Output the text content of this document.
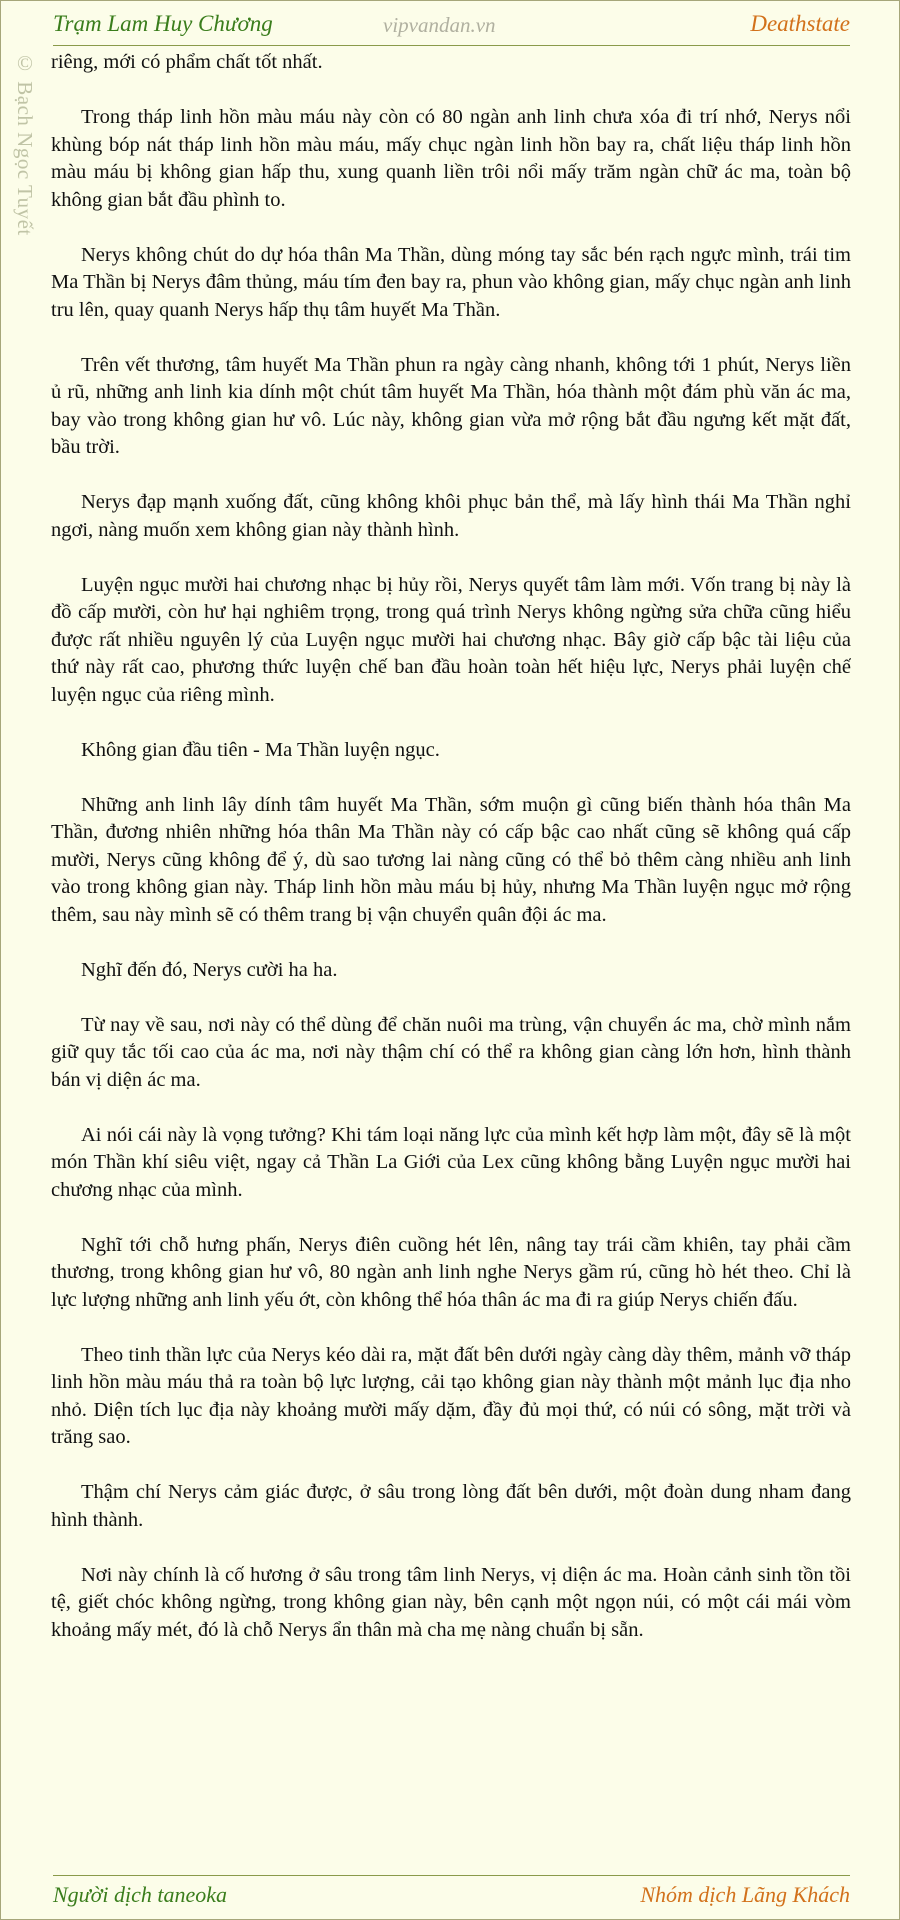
Trạm Lam Huy Chương	vipvandan.vn	Deathstate
© Bạch Ngọc Tuyết riêng, mới có phẩm chất tốt nhất.

Trong tháp linh hồn màu máu này còn có 80 ngàn anh linh chưa xóa đi trí nhớ, Nerys nổi khùng bóp nát tháp linh hồn màu máu, mấy chục ngàn linh hồn bay ra, chất liệu tháp linh hồn màu máu bị không gian hấp thu, xung quanh liền trôi nổi mấy trăm ngàn chữ ác ma, toàn bộ không gian bắt đầu phình to.

Nerys không chút do dự hóa thân Ma Thần, dùng móng tay sắc bén rạch ngực mình, trái tim Ma Thần bị Nerys đâm thủng, máu tím đen bay ra, phun vào không gian, mấy chục ngàn anh linh tru lên, quay quanh Nerys hấp thụ tâm huyết Ma Thần.

Trên vết thương, tâm huyết Ma Thần phun ra ngày càng nhanh, không tới 1 phút, Nerys liền ủ rũ, những anh linh kia dính một chút tâm huyết Ma Thần, hóa thành một đám phù văn ác ma, bay vào trong không gian hư vô. Lúc này, không gian vừa mở rộng bắt đầu ngưng kết mặt đất, bầu trời.

Nerys đạp mạnh xuống đất, cũng không khôi phục bản thể, mà lấy hình thái Ma Thần nghỉ ngơi, nàng muốn xem không gian này thành hình.

Luyện ngục mười hai chương nhạc bị hủy rồi, Nerys quyết tâm làm mới. Vốn trang bị này là đồ cấp mười, còn hư hại nghiêm trọng, trong quá trình Nerys không ngừng sửa chữa cũng hiểu được rất nhiều nguyên lý của Luyện ngục mười hai chương nhạc. Bây giờ cấp bậc tài liệu của thứ này rất cao, phương thức luyện chế ban đầu hoàn toàn hết hiệu lực, Nerys phải luyện chế luyện ngục của riêng mình.

Không gian đầu tiên - Ma Thần luyện ngục.

Những anh linh lây dính tâm huyết Ma Thần, sớm muộn gì cũng biến thành hóa thân Ma Thần, đương nhiên những hóa thân Ma Thần này có cấp bậc cao nhất cũng sẽ không quá cấp mười, Nerys cũng không để ý, dù sao tương lai nàng cũng có thể bỏ thêm càng nhiều anh linh vào trong không gian này. Tháp linh hồn màu máu bị hủy, nhưng Ma Thần luyện ngục mở rộng thêm, sau này mình sẽ có thêm trang bị vận chuyển quân đội ác ma.

Nghĩ đến đó, Nerys cười ha ha.

Từ nay về sau, nơi này có thể dùng để chăn nuôi ma trùng, vận chuyển ác ma, chờ mình nắm giữ quy tắc tối cao của ác ma, nơi này thậm chí có thể ra không gian càng lớn hơn, hình thành bán vị diện ác ma.

Ai nói cái này là vọng tưởng? Khi tám loại năng lực của mình kết hợp làm một, đây sẽ là một món Thần khí siêu việt, ngay cả Thần La Giới của Lex cũng không bằng Luyện ngục mười hai chương nhạc của mình.

Nghĩ tới chỗ hưng phấn, Nerys điên cuồng hét lên, nâng tay trái cầm khiên, tay phải cầm thương, trong không gian hư vô, 80 ngàn anh linh nghe Nerys gầm rú, cũng hò hét theo. Chỉ là lực lượng những anh linh yếu ớt, còn không thể hóa thân ác ma đi ra giúp Nerys chiến đấu.

Theo tinh thần lực của Nerys kéo dài ra, mặt đất bên dưới ngày càng dày thêm, mảnh vỡ tháp linh hồn màu máu thả ra toàn bộ lực lượng, cải tạo không gian này thành một mảnh lục địa nho nhỏ. Diện tích lục địa này khoảng mười mấy dặm, đầy đủ mọi thứ, có núi có sông, mặt trời và trăng sao.

Thậm chí Nerys cảm giác được, ở sâu trong lòng đất bên dưới, một đoàn dung nham đang hình thành.

Nơi này chính là cố hương ở sâu trong tâm linh Nerys, vị diện ác ma. Hoàn cảnh sinh tồn tồi tệ, giết chóc không ngừng, trong không gian này, bên cạnh một ngọn núi, có một cái mái vòm khoảng mấy mét, đó là chỗ Nerys ẩn thân mà cha mẹ nàng chuẩn bị sẵn.

Người dịch taneoka	Nhóm dịch Lãng Khách
